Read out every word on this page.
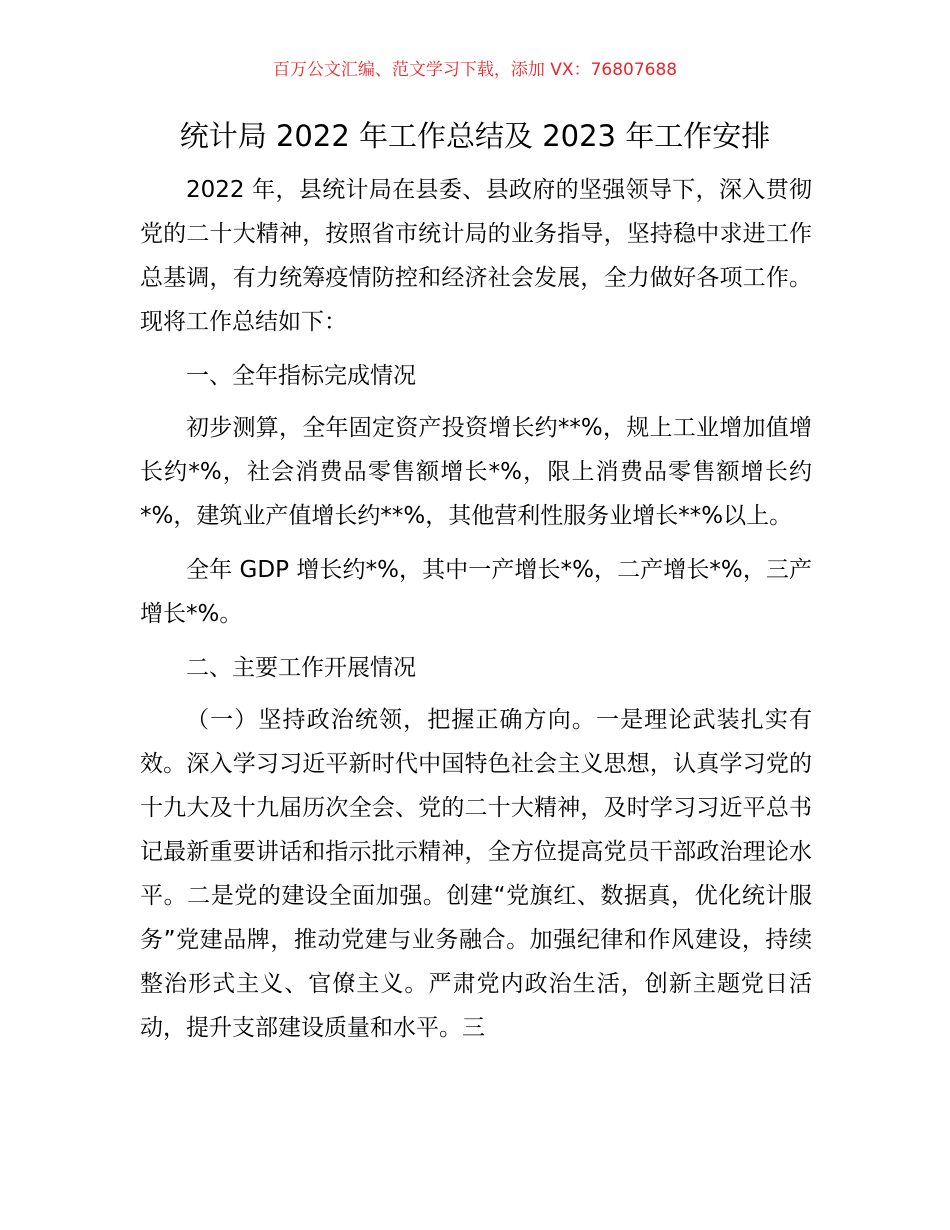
百万公文汇编、范文学习下载，添加 VX：76807688
统计局 2022 年工作总结及 2023 年工作安排

2022 年，县统计局在县委、县政府的坚强领导下，深入贯彻党的二十大精神，按照省市统计局的业务指导，坚持稳中求进工作总基调，有力统筹疫情防控和经济社会发展，全力做好各项工作。现将工作总结如下：

一、全年指标完成情况

初步测算，全年固定资产投资增长约**%，规上工业增加值增长约*%，社会消费品零售额增长*%，限上消费品零售额增长约*%，建筑业产值增长约**%，其他营利性服务业增长**%以上。

全年 GDP 增长约*%，其中一产增长*%，二产增长*%，三产增长*%。

二、主要工作开展情况

（一）坚持政治统领，把握正确方向。一是理论武装扎实有效。深入学习习近平新时代中国特色社会主义思想，认真学习党的十九大及十九届历次全会、党的二十大精神，及时学习习近平总书记最新重要讲话和指示批示精神，全方位提高党员干部政治理论水平。二是党的建设全面加强。创建“党旗红、数据真，优化统计服务”党建品牌，推动党建与业务融合。加强纪律和作风建设，持续整治形式主义、官僚主义。严肃党内政治生活，创新主题党日活动，提升支部建设质量和水平。三
